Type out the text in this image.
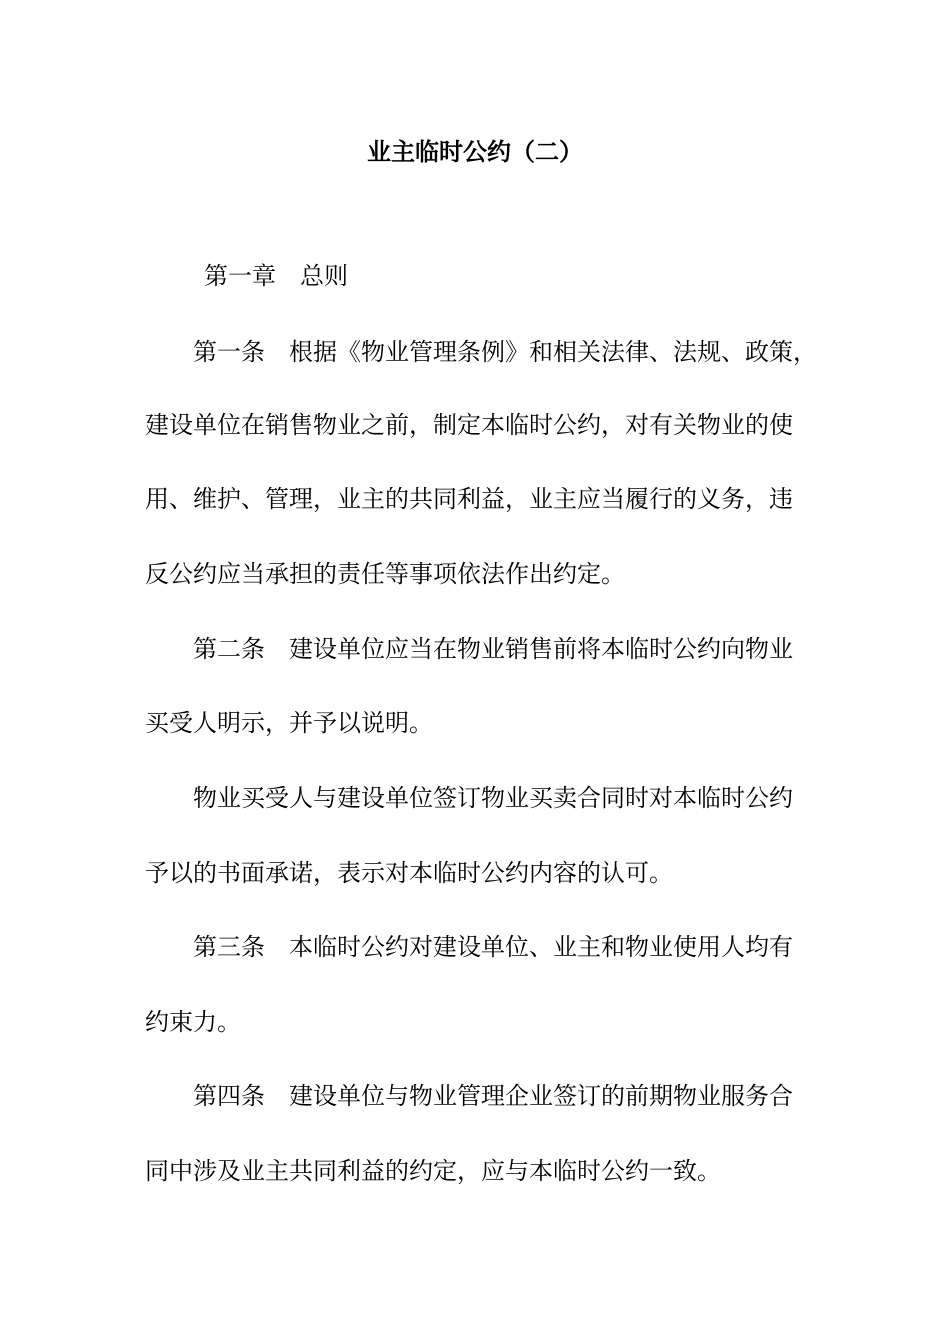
业主临时公约（二）
第一章 总则
第一条 根据《物业管理条例》和相关法律、法规、政策，
建设单位在销售物业之前，制定本临时公约，对有关物业的使
用、维护、管理，业主的共同利益，业主应当履行的义务，违
反公约应当承担的责任等事项依法作出约定。
第二条 建设单位应当在物业销售前将本临时公约向物业
买受人明示，并予以说明。
物业买受人与建设单位签订物业买卖合同时对本临时公约
予以的书面承诺，表示对本临时公约内容的认可。
第三条 本临时公约对建设单位、业主和物业使用人均有
约束力。
第四条 建设单位与物业管理企业签订的前期物业服务合
同中涉及业主共同利益的约定，应与本临时公约一致。
